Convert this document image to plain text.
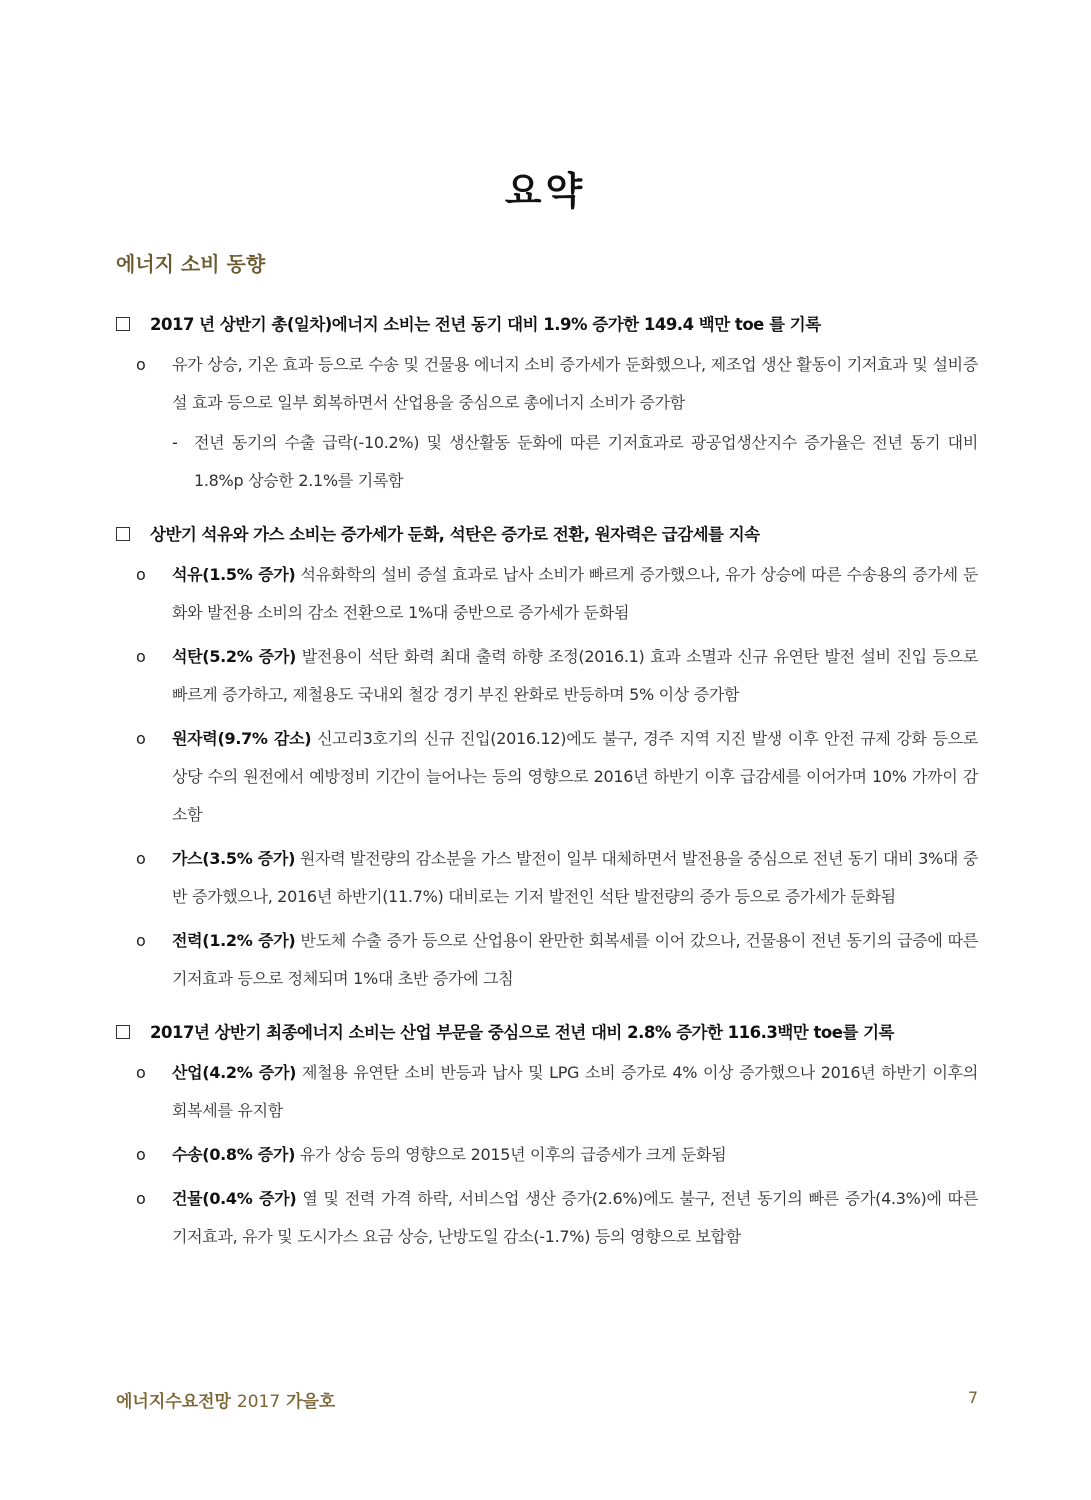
요약
에너지 소비 동향
2017 년 상반기 총(일차)에너지 소비는 전년 동기 대비 1.9% 증가한 149.4 백만 toe 를 기록
o	유가 상승, 기온 효과 등으로 수송 및 건물용 에너지 소비 증가세가 둔화했으나, 제조업 생산 활동이 기저효과 및 설비증설 효과 등으로 일부 회복하면서 산업용을 중심으로 총에너지 소비가 증가함
-	전년 동기의 수출 급락(-10.2%) 및 생산활동 둔화에 따른 기저효과로 광공업생산지수 증가율은 전년 동기 대비 1.8%p 상승한 2.1%를 기록함
상반기 석유와 가스 소비는 증가세가 둔화, 석탄은 증가로 전환, 원자력은 급감세를 지속
o	석유(1.5% 증가) 석유화학의 설비 증설 효과로 납사 소비가 빠르게 증가했으나, 유가 상승에 따른 수송용의 증가세 둔화와 발전용 소비의 감소 전환으로 1%대 중반으로 증가세가 둔화됨
o	석탄(5.2% 증가) 발전용이 석탄 화력 최대 출력 하향 조정(2016.1) 효과 소멸과 신규 유연탄 발전 설비 진입 등으로 빠르게 증가하고, 제철용도 국내외 철강 경기 부진 완화로 반등하며 5% 이상 증가함
o	원자력(9.7% 감소) 신고리3호기의 신규 진입(2016.12)에도 불구, 경주 지역 지진 발생 이후 안전 규제 강화 등으로 상당 수의 원전에서 예방정비 기간이 늘어나는 등의 영향으로 2016년 하반기 이후 급감세를 이어가며 10% 가까이 감소함
o	가스(3.5% 증가) 원자력 발전량의 감소분을 가스 발전이 일부 대체하면서 발전용을 중심으로 전년 동기 대비 3%대 중반 증가했으나, 2016년 하반기(11.7%) 대비로는 기저 발전인 석탄 발전량의 증가 등으로 증가세가 둔화됨
o	전력(1.2% 증가) 반도체 수출 증가 등으로 산업용이 완만한 회복세를 이어 갔으나, 건물용이 전년 동기의 급증에 따른 기저효과 등으로 정체되며 1%대 초반 증가에 그침
2017년 상반기 최종에너지 소비는 산업 부문을 중심으로 전년 대비 2.8% 증가한 116.3백만 toe를 기록
o	산업(4.2% 증가) 제철용 유연탄 소비 반등과 납사 및 LPG 소비 증가로 4% 이상 증가했으나 2016년 하반기 이후의 회복세를 유지함
o	수송(0.8% 증가) 유가 상승 등의 영향으로 2015년 이후의 급증세가 크게 둔화됨
o	건물(0.4% 증가) 열 및 전력 가격 하락, 서비스업 생산 증가(2.6%)에도 불구, 전년 동기의 빠른 증가(4.3%)에 따른 기저효과, 유가 및 도시가스 요금 상승, 난방도일 감소(-1.7%) 등의 영향으로 보합함
에너지수요전망 2017 가을호	7
